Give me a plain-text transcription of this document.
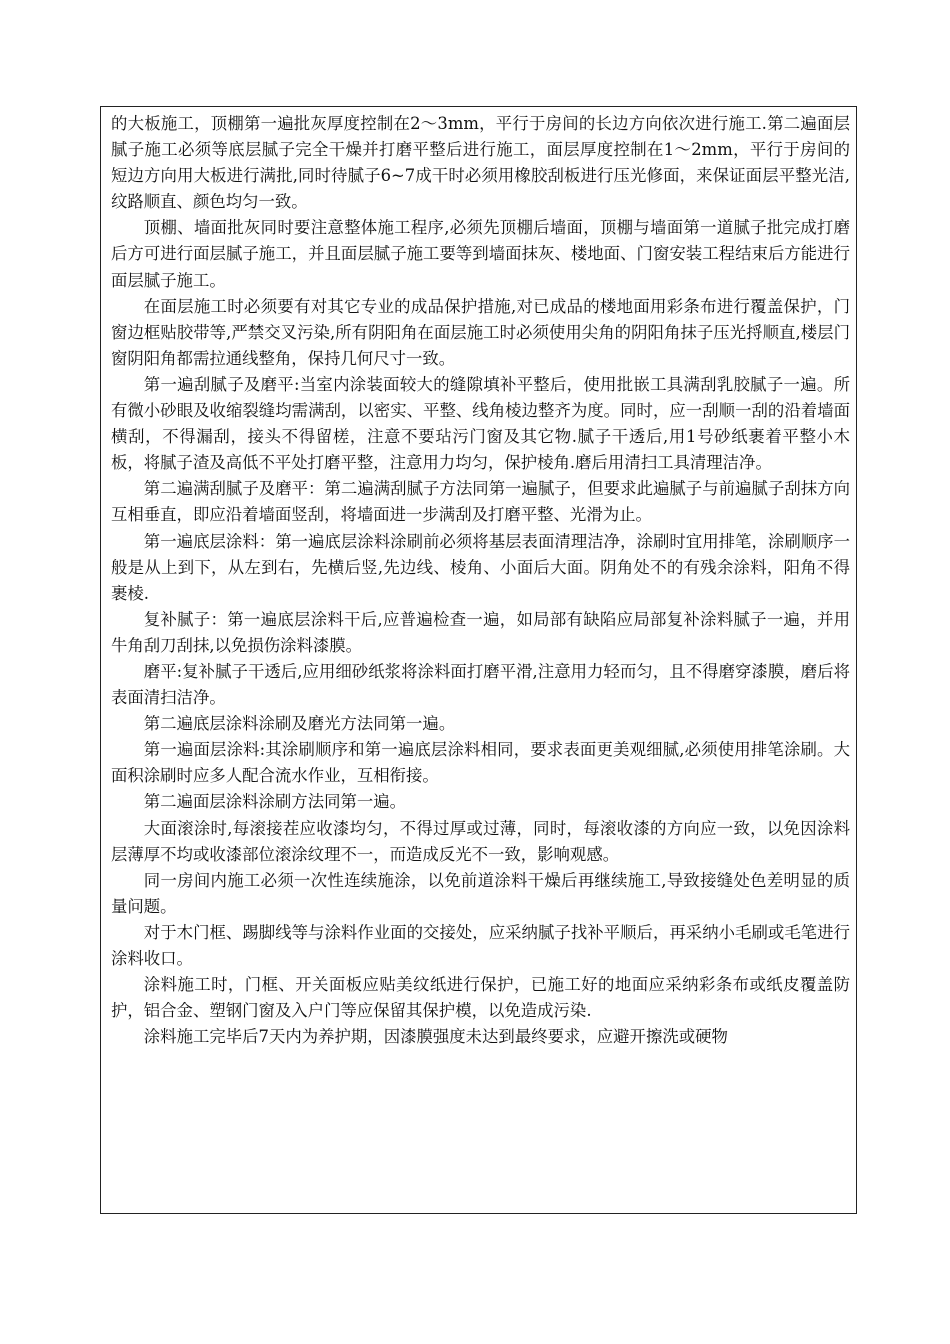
的大板施工，顶棚第一遍批灰厚度控制在2～3mm，平行于房间的长边方向依次进行施工.第二遍面层腻子施工必须等底层腻子完全干燥并打磨平整后进行施工，面层厚度控制在1～2mm，平行于房间的短边方向用大板进行满批,同时待腻子6~7成干时必须用橡胶刮板进行压光修面，来保证面层平整光洁,纹路顺直、颜色均匀一致。

顶棚、墙面批灰同时要注意整体施工程序,必须先顶棚后墙面，顶棚与墙面第一道腻子批完成打磨后方可进行面层腻子施工，并且面层腻子施工要等到墙面抹灰、楼地面、门窗安装工程结束后方能进行面层腻子施工。

在面层施工时必须要有对其它专业的成品保护措施,对已成品的楼地面用彩条布进行覆盖保护，门窗边框贴胶带等,严禁交叉污染,所有阴阳角在面层施工时必须使用尖角的阴阳角抹子压光捋顺直,楼层门窗阴阳角都需拉通线整角，保持几何尺寸一致。

第一遍刮腻子及磨平:当室内涂装面较大的缝隙填补平整后，使用批嵌工具满刮乳胶腻子一遍。所有微小砂眼及收缩裂缝均需满刮，以密实、平整、线角棱边整齐为度。同时，应一刮顺一刮的沿着墙面横刮，不得漏刮，接头不得留槎，注意不要玷污门窗及其它物.腻子干透后,用1号砂纸裹着平整小木板，将腻子渣及高低不平处打磨平整，注意用力均匀，保护棱角.磨后用清扫工具清理洁净。

第二遍满刮腻子及磨平：第二遍满刮腻子方法同第一遍腻子，但要求此遍腻子与前遍腻子刮抹方向互相垂直，即应沿着墙面竖刮，将墙面进一步满刮及打磨平整、光滑为止。

第一遍底层涂料：第一遍底层涂料涂刷前必须将基层表面清理洁净，涂刷时宜用排笔，涂刷顺序一般是从上到下，从左到右，先横后竖,先边线、棱角、小面后大面。阴角处不的有残余涂料，阳角不得裹棱.

复补腻子：第一遍底层涂料干后,应普遍检查一遍，如局部有缺陷应局部复补涂料腻子一遍，并用牛角刮刀刮抹,以免损伤涂料漆膜。

磨平:复补腻子干透后,应用细砂纸浆将涂料面打磨平滑,注意用力轻而匀，且不得磨穿漆膜，磨后将表面清扫洁净。

第二遍底层涂料涂刷及磨光方法同第一遍。

第一遍面层涂料:其涂刷顺序和第一遍底层涂料相同，要求表面更美观细腻,必须使用排笔涂刷。大面积涂刷时应多人配合流水作业，互相衔接。

第二遍面层涂料涂刷方法同第一遍。

大面滚涂时,每滚接茬应收漆均匀，不得过厚或过薄，同时，每滚收漆的方向应一致，以免因涂料层薄厚不均或收漆部位滚涂纹理不一，而造成反光不一致，影响观感。

同一房间内施工必须一次性连续施涂，以免前道涂料干燥后再继续施工,导致接缝处色差明显的质量问题。

对于木门框、踢脚线等与涂料作业面的交接处，应采纳腻子找补平顺后，再采纳小毛刷或毛笔进行涂料收口。

涂料施工时，门框、开关面板应贴美纹纸进行保护，已施工好的地面应采纳彩条布或纸皮覆盖防护，铝合金、塑钢门窗及入户门等应保留其保护模，以免造成污染.

涂料施工完毕后7天内为养护期，因漆膜强度未达到最终要求，应避开擦洗或硬物
